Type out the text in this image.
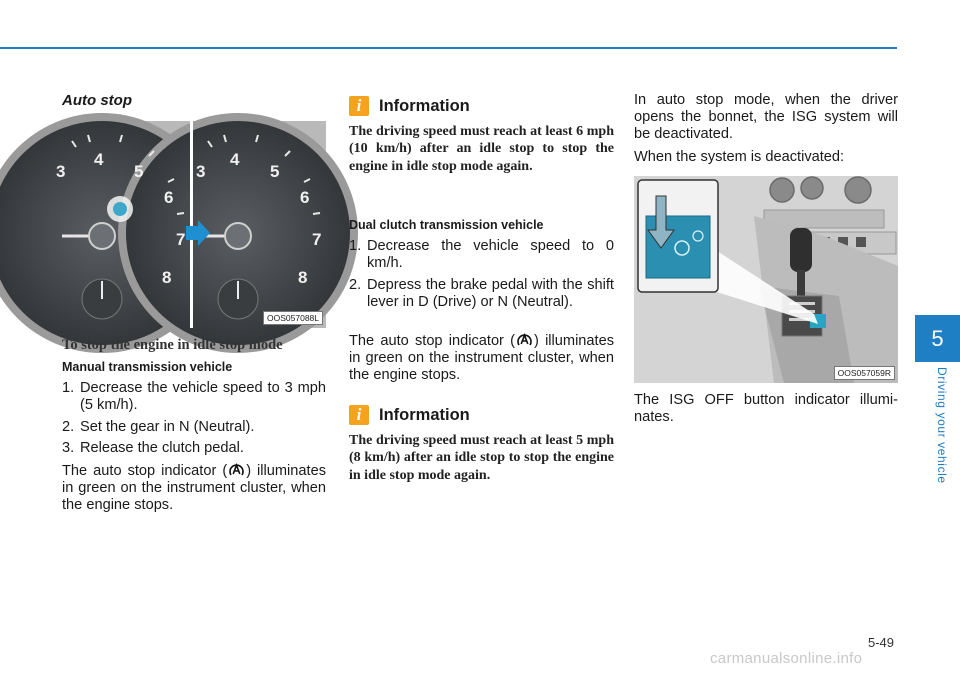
Auto stop
3
4
5
6
7
8
3
4
5
6
7
8
OOS057088L
To stop the engine in idle stop mode
Manual transmission vehicle
1. Decrease the vehicle speed to 3 mph (5 km/h).
2. Set the gear in N (Neutral).
3. Release the clutch pedal.
The auto stop indicator ( ) illuminates in green on the instrument cluster, when the engine stops.
i	Information
The driving speed must reach at least 6 mph (10 km/h) after an idle stop to stop the engine in idle stop mode again.
Dual clutch transmission vehicle
1. Decrease the vehicle speed to 0 km/h.
2. Depress the brake pedal with the shift lever in D (Drive) or N (Neutral).
The auto stop indicator ( ) illuminates in green on the instrument cluster, when the engine stops.
i	Information
The driving speed must reach at least 5 mph (8 km/h) after an idle stop to stop the engine in idle stop mode again.
In auto stop mode, when the driver opens the bonnet, the ISG system will be deactivated.
When the system is deactivated:
OOS057059R
The ISG OFF button indicator illuminates.
5
Driving your vehicle
5-49
carmanualsonline.info
